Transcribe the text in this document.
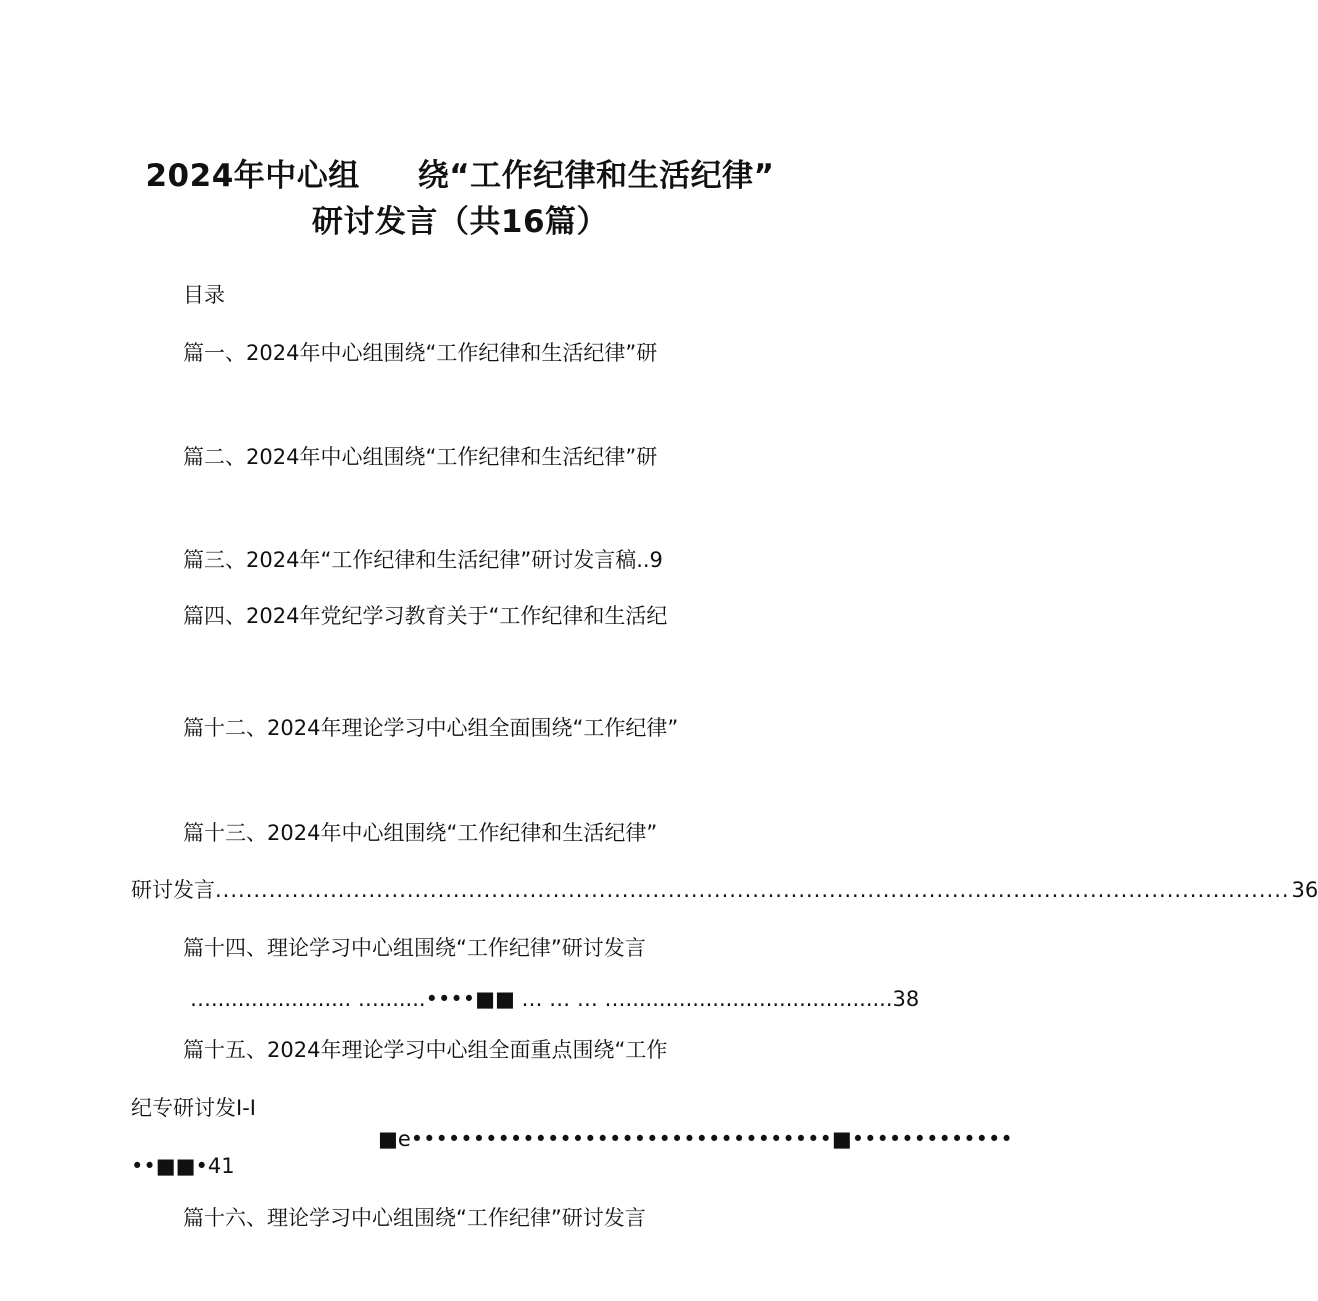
2024年中心组 绕“工作纪律和生活纪律”
研讨发言（共16篇）
目录
篇一、2024年中心组围绕“工作纪律和生活纪律”研
篇二、2024年中心组围绕“工作纪律和生活纪律”研
篇三、2024年“工作纪律和生活纪律”研讨发言稿..9
篇四、2024年党纪学习教育关于“工作纪律和生活纪
篇十二、2024年理论学习中心组全面围绕“工作纪律”
篇十三、2024年中心组围绕“工作纪律和生活纪律”
研讨发言 ............................................................................................................................................ 36
篇十四、理论学习中心组围绕“工作纪律”研讨发言
…..................... ….......••••■■ … … … …........................................38
篇十五、2024年理论学习中心组全面重点围绕“工作
纪专研讨发I-I
■e••••••••••••••••••••••••••••••••••■•••••••••••••
••■■•41
篇十六、理论学习中心组围绕“工作纪律”研讨发言
